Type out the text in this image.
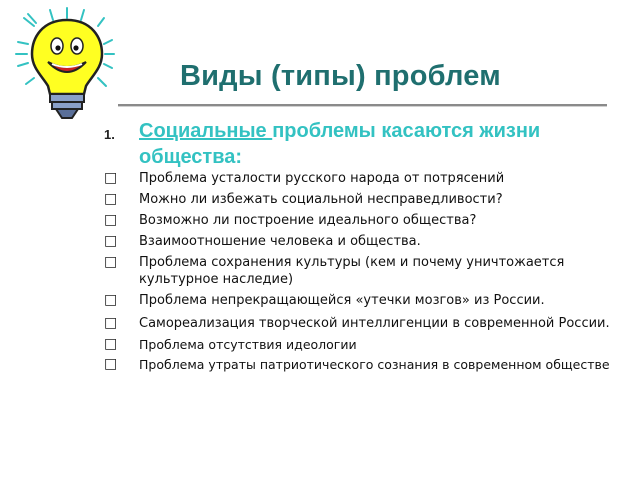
Виды (типы) проблем
1. Социальные проблемы касаются жизни общества:
□ Проблема усталости русского народа от потрясений
□ Можно ли избежать социальной несправедливости?
□ Возможно ли построение идеального общества?
□ Взаимоотношение человека и общества.
□ Проблема сохранения культуры (кем и почему уничтожается культурное наследие)
□ Проблема непрекращающейся «утечки мозгов» из России.
□ Самореализация творческой интеллигенции в современной России.
□ Проблема отсутствия идеологии
□ Проблема утраты патриотического сознания в современном обществе
